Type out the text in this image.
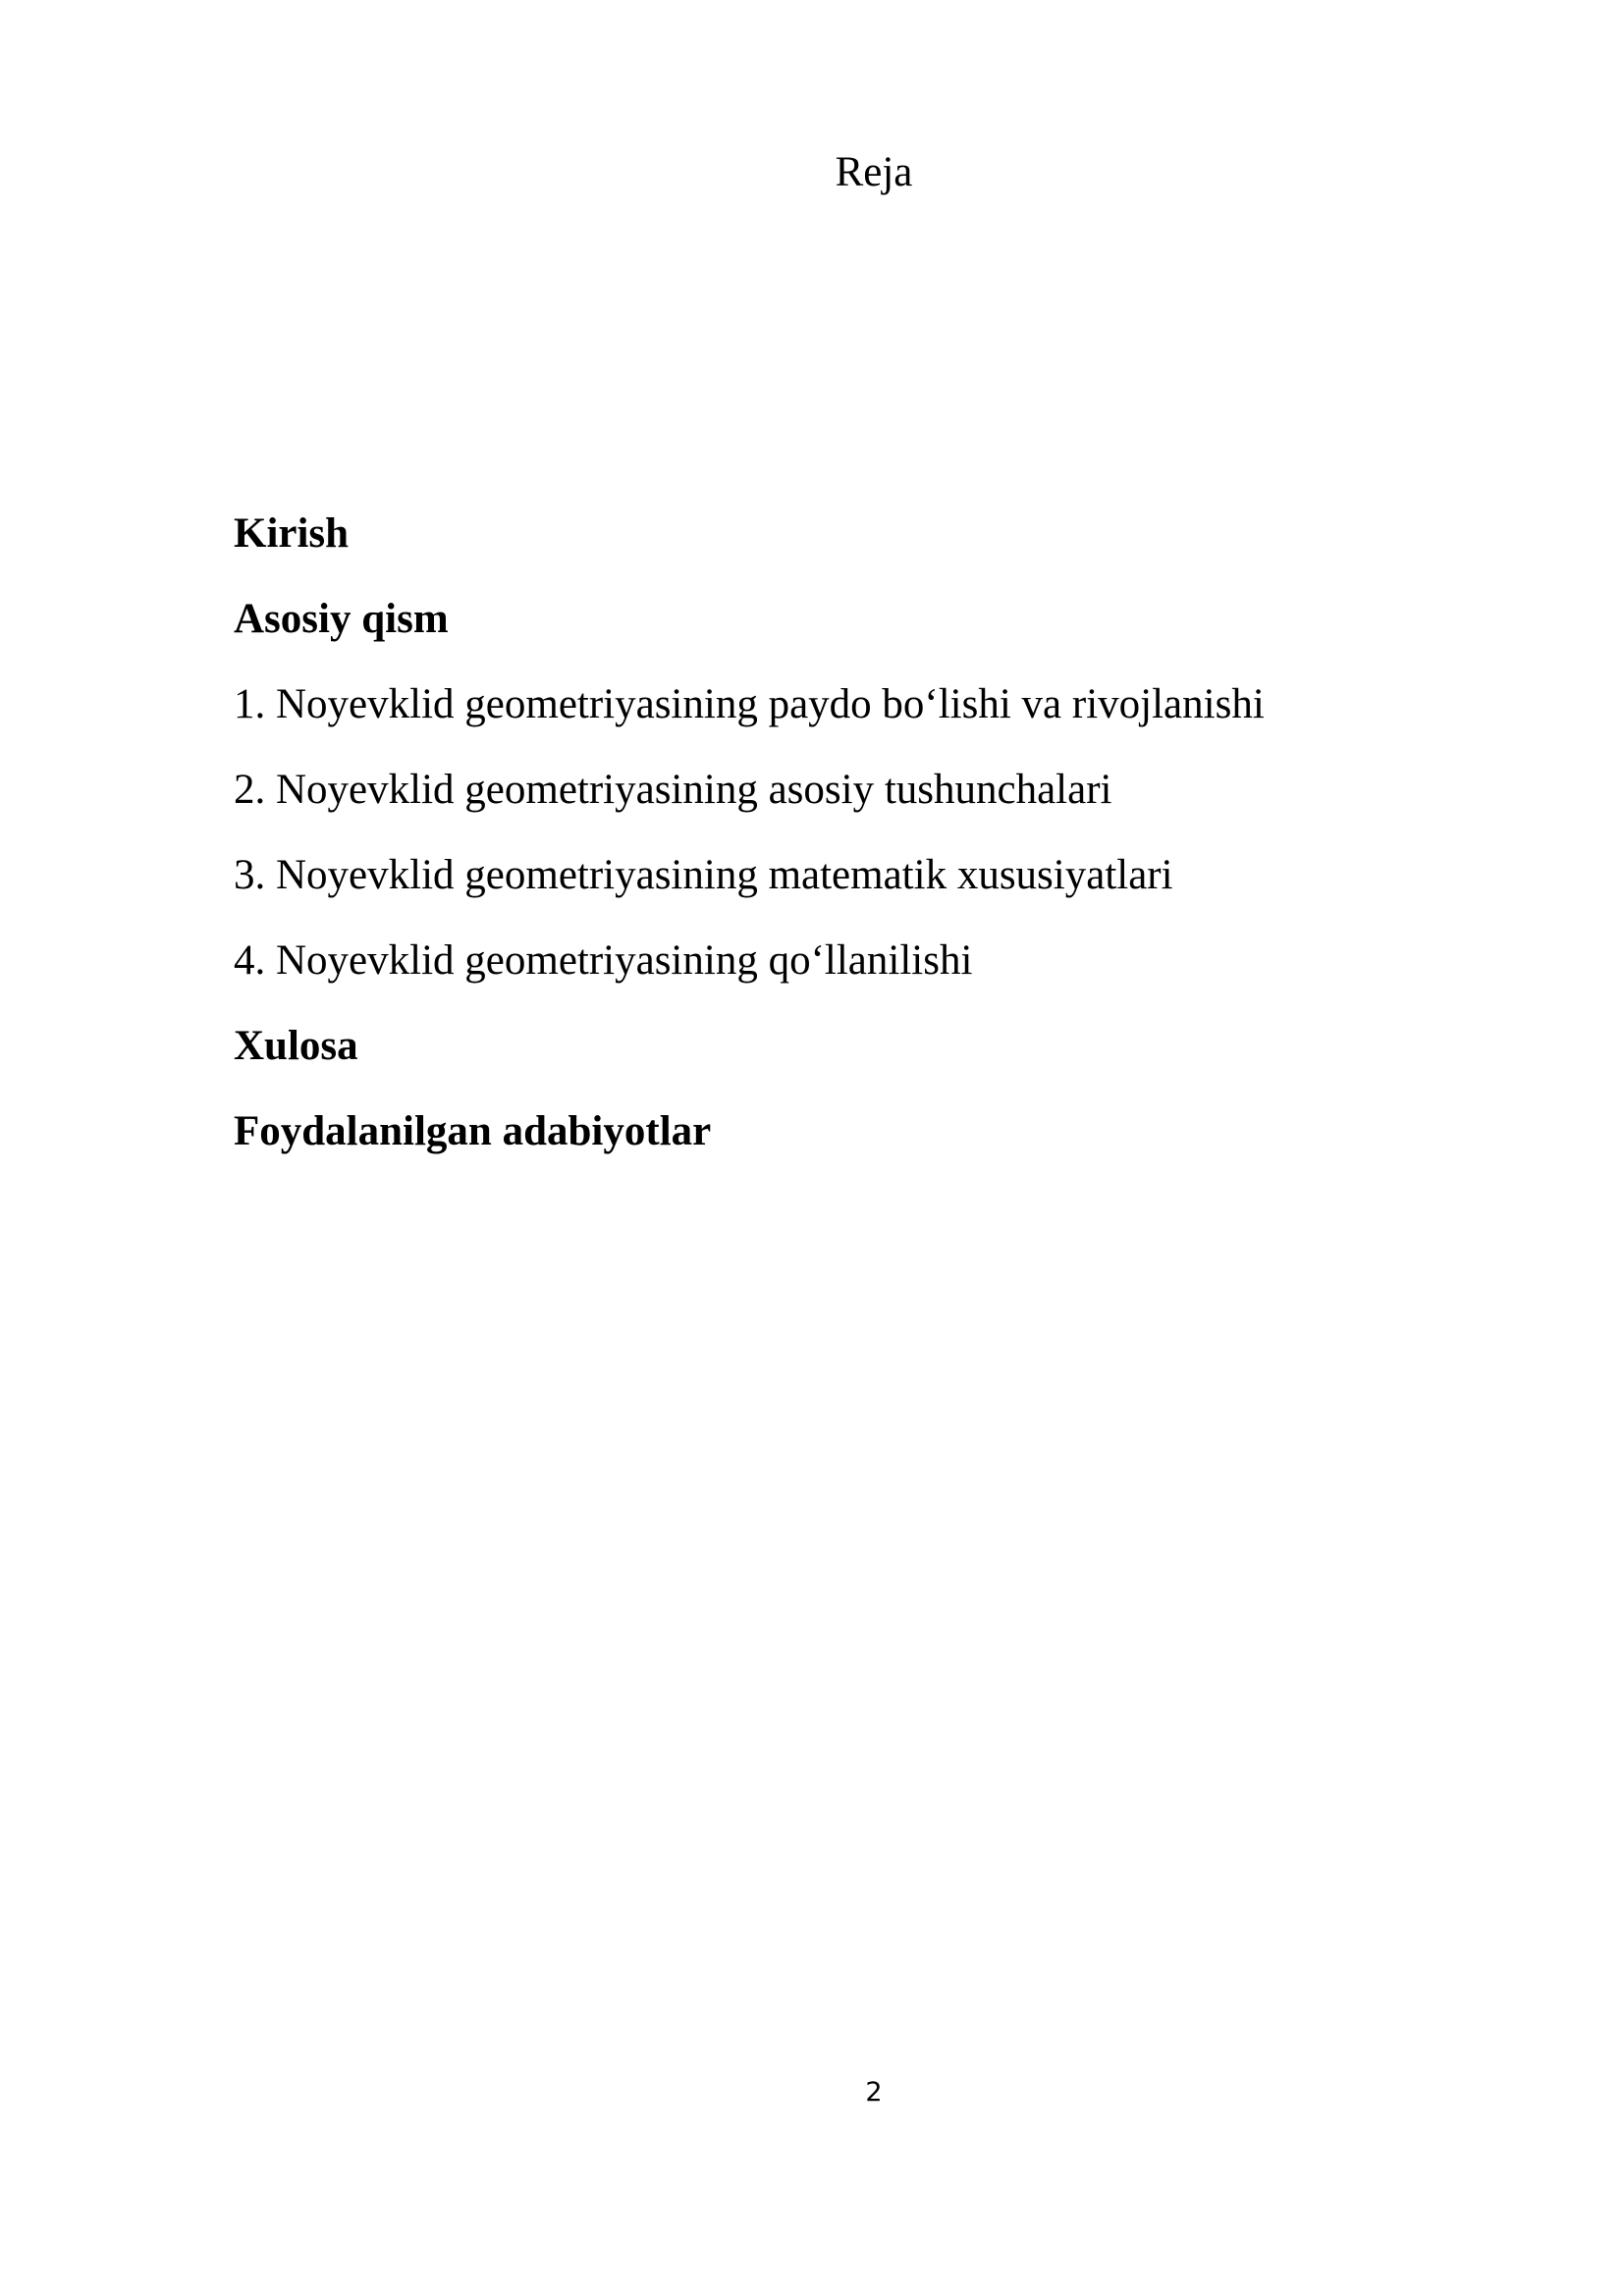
Reja
Kirish
Asosiy qism
1. Noyevklid geometriyasining paydo bo‘lishi va rivojlanishi
2. Noyevklid geometriyasining asosiy tushunchalari
3. Noyevklid geometriyasining matematik xususiyatlari
4. Noyevklid geometriyasining qo‘llanilishi
Xulosa
Foydalanilgan adabiyotlar
2
